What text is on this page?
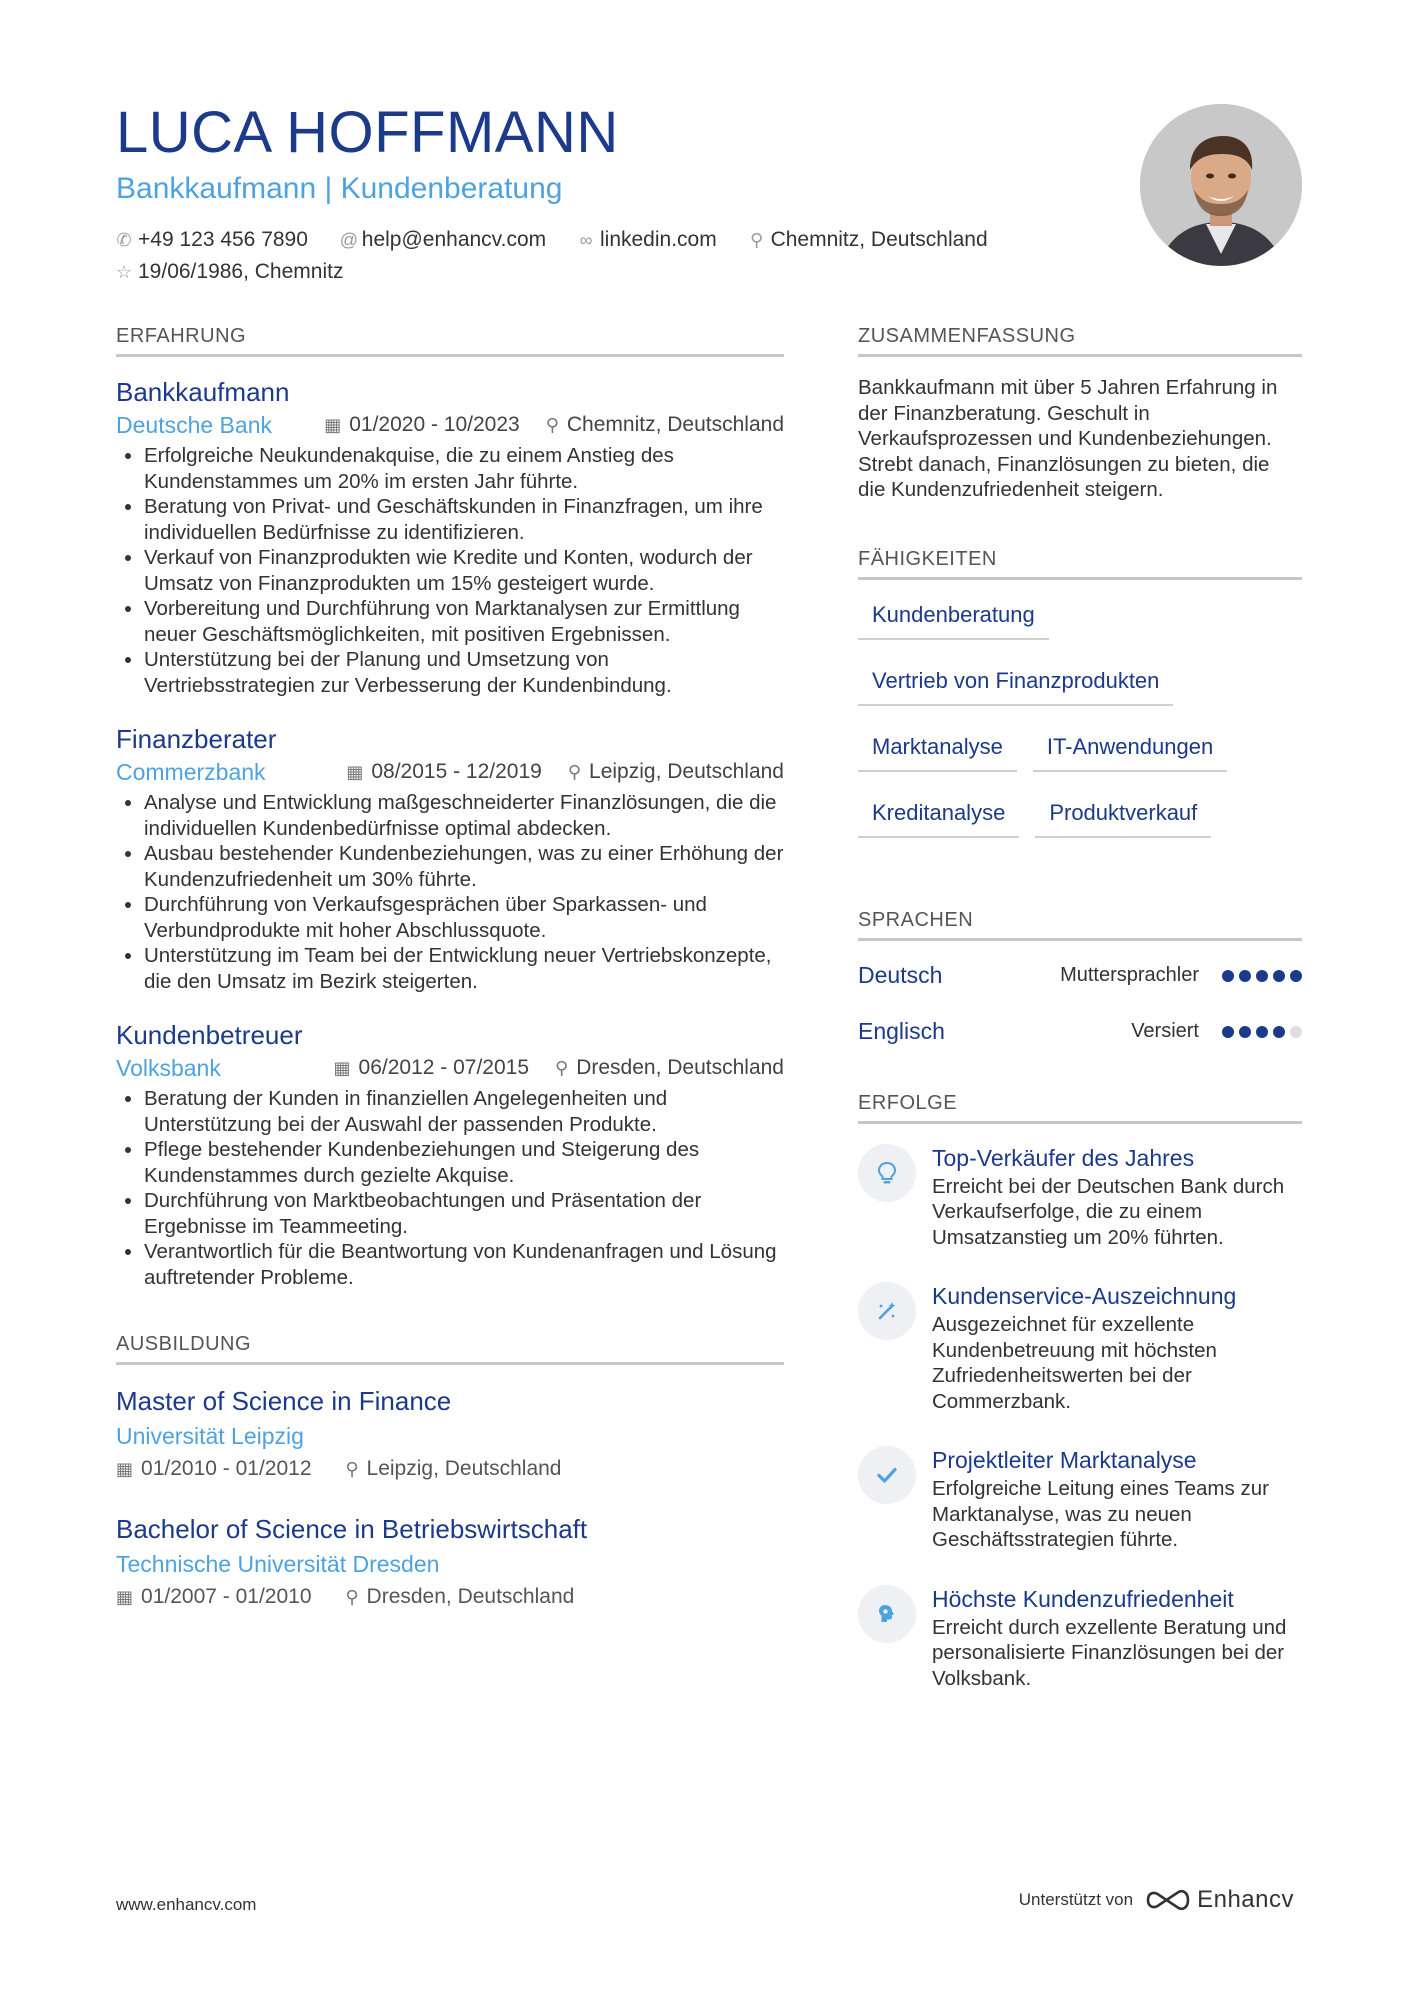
LUCA HOFFMANN
Bankkaufmann | Kundenberatung
✆ +49 123 456 7890 @ help@enhancv.com ∞ linkedin.com ⚲ Chemnitz, Deutschland
☆ 19/06/1986, Chemnitz
ERFAHRUNG
Bankkaufmann
Deutsche Bank	▦ 01/2020 - 10/2023 ⚲ Chemnitz, Deutschland
• Erfolgreiche Neukundenakquise, die zu einem Anstieg des Kundenstammes um 20% im ersten Jahr führte.
• Beratung von Privat- und Geschäftskunden in Finanzfragen, um ihre individuellen Bedürfnisse zu identifizieren.
• Verkauf von Finanzprodukten wie Kredite und Konten, wodurch der Umsatz von Finanzprodukten um 15% gesteigert wurde.
• Vorbereitung und Durchführung von Marktanalysen zur Ermittlung neuer Geschäftsmöglichkeiten, mit positiven Ergebnissen.
• Unterstützung bei der Planung und Umsetzung von Vertriebsstrategien zur Verbesserung der Kundenbindung.
Finanzberater
Commerzbank	▦ 08/2015 - 12/2019 ⚲ Leipzig, Deutschland
• Analyse und Entwicklung maßgeschneiderter Finanzlösungen, die die individuellen Kundenbedürfnisse optimal abdecken.
• Ausbau bestehender Kundenbeziehungen, was zu einer Erhöhung der Kundenzufriedenheit um 30% führte.
• Durchführung von Verkaufsgesprächen über Sparkassen- und Verbundprodukte mit hoher Abschlussquote.
• Unterstützung im Team bei der Entwicklung neuer Vertriebskonzepte, die den Umsatz im Bezirk steigerten.
Kundenbetreuer
Volksbank	▦ 06/2012 - 07/2015 ⚲ Dresden, Deutschland
• Beratung der Kunden in finanziellen Angelegenheiten und Unterstützung bei der Auswahl der passenden Produkte.
• Pflege bestehender Kundenbeziehungen und Steigerung des Kundenstammes durch gezielte Akquise.
• Durchführung von Marktbeobachtungen und Präsentation der Ergebnisse im Teammeeting.
• Verantwortlich für die Beantwortung von Kundenanfragen und Lösung auftretender Probleme.
AUSBILDUNG
Master of Science in Finance
Universität Leipzig
▦ 01/2010 - 01/2012 ⚲ Leipzig, Deutschland
Bachelor of Science in Betriebswirtschaft
Technische Universität Dresden
▦ 01/2007 - 01/2010 ⚲ Dresden, Deutschland
ZUSAMMENFASSUNG
Bankkaufmann mit über 5 Jahren Erfahrung in der Finanzberatung. Geschult in Verkaufsprozessen und Kundenbeziehungen. Strebt danach, Finanzlösungen zu bieten, die die Kundenzufriedenheit steigern.
FÄHIGKEITEN
Kundenberatung
Vertrieb von Finanzprodukten
Marktanalyse	IT-Anwendungen
Kreditanalyse	Produktverkauf
SPRACHEN
Deutsch	Muttersprachler
Englisch	Versiert
ERFOLGE
Top-Verkäufer des Jahres
Erreicht bei der Deutschen Bank durch Verkaufserfolge, die zu einem Umsatzanstieg um 20% führten.
Kundenservice-Auszeichnung
Ausgezeichnet für exzellente Kundenbetreuung mit höchsten Zufriedenheitswerten bei der Commerzbank.
Projektleiter Marktanalyse
Erfolgreiche Leitung eines Teams zur Marktanalyse, was zu neuen Geschäftsstrategien führte.
Höchste Kundenzufriedenheit
Erreicht durch exzellente Beratung und personalisierte Finanzlösungen bei der Volksbank.
www.enhancv.com	Unterstützt von	Enhancv
